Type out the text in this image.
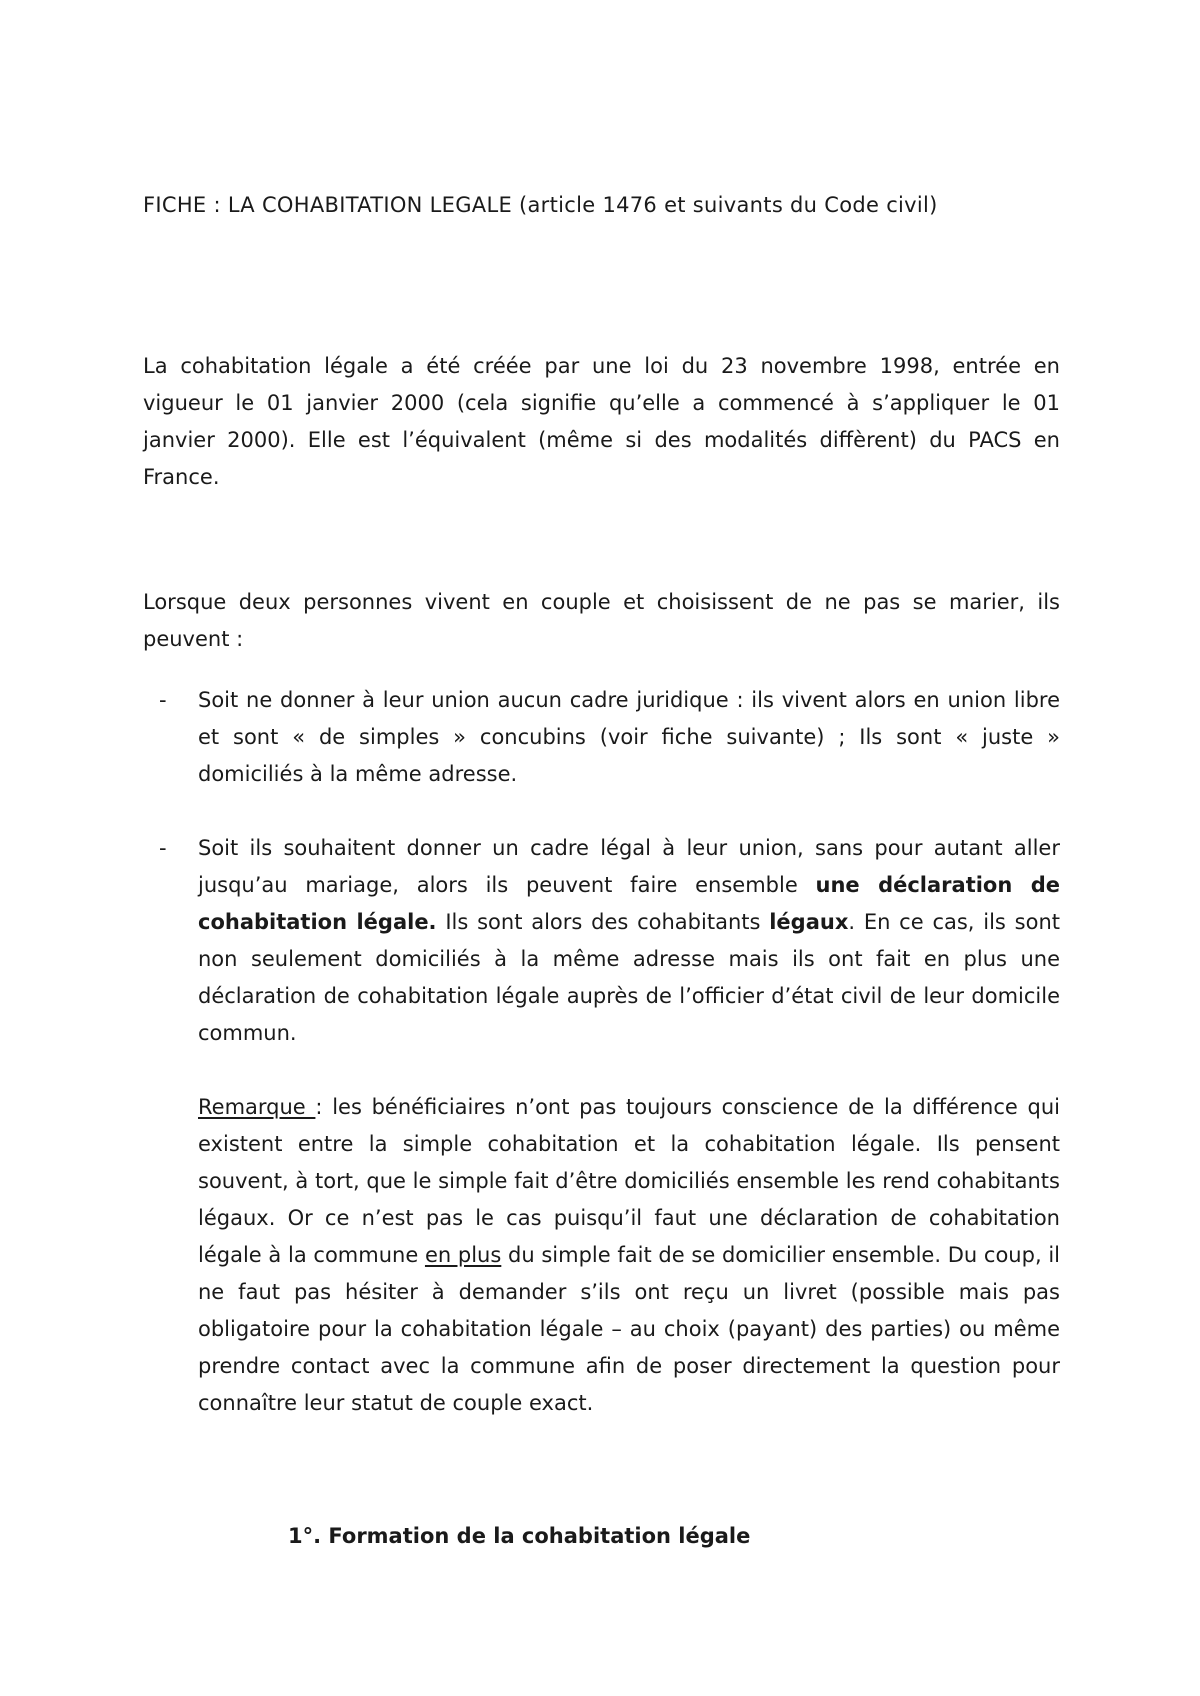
FICHE : LA COHABITATION LEGALE (article 1476 et suivants du Code civil)
La cohabitation légale a été créée par une loi du 23 novembre 1998, entrée en vigueur le 01 janvier 2000 (cela signifie qu’elle a commencé à s’appliquer le 01 janvier 2000). Elle est l’équivalent (même si des modalités diffèrent) du PACS en France.
Lorsque deux personnes vivent en couple et choisissent de ne pas se marier, ils peuvent :
-	Soit ne donner à leur union aucun cadre juridique : ils vivent alors en union libre et sont « de simples » concubins (voir fiche suivante) ; Ils sont « juste » domiciliés à la même adresse.
-	Soit ils souhaitent donner un cadre légal à leur union, sans pour autant aller jusqu’au mariage, alors ils peuvent faire ensemble une déclaration de cohabitation légale. Ils sont alors des cohabitants légaux. En ce cas, ils sont non seulement domiciliés à la même adresse mais ils ont fait en plus une déclaration de cohabitation légale auprès de l’officier d’état civil de leur domicile commun.
Remarque : les bénéficiaires n’ont pas toujours conscience de la différence qui existent entre la simple cohabitation et la cohabitation légale. Ils pensent souvent, à tort, que le simple fait d’être domiciliés ensemble les rend cohabitants légaux. Or ce n’est pas le cas puisqu’il faut une déclaration de cohabitation légale à la commune en plus du simple fait de se domicilier ensemble. Du coup, il ne faut pas hésiter à demander s’ils ont reçu un livret (possible mais pas obligatoire pour la cohabitation légale – au choix (payant) des parties) ou même prendre contact avec la commune afin de poser directement la question pour connaître leur statut de couple exact.
1°. Formation de la cohabitation légale
